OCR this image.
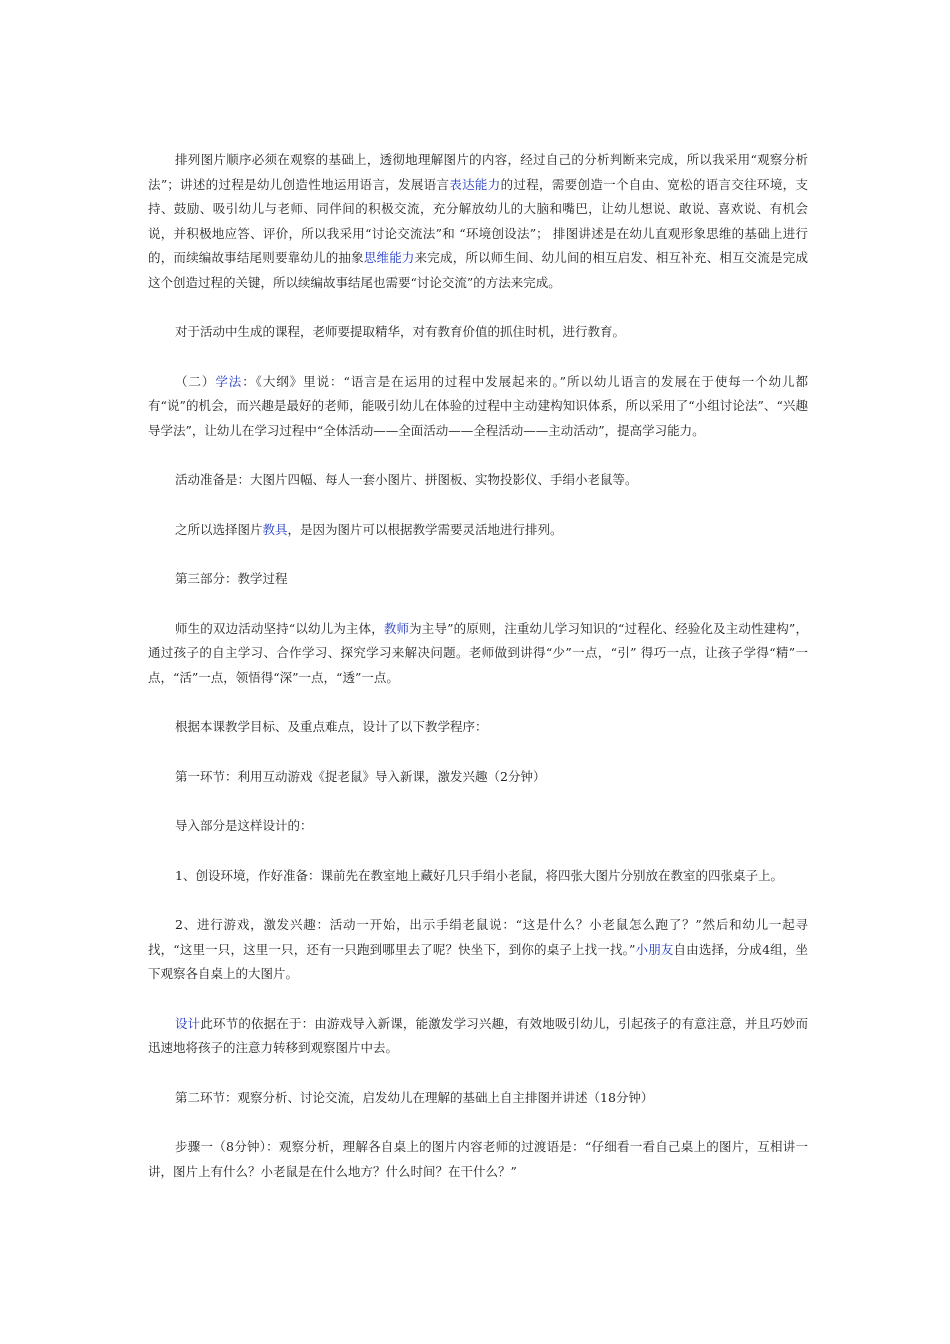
排列图片顺序必须在观察的基础上，透彻地理解图片的内容，经过自己的分析判断来完成，所以我采用“观察分析法”；讲述的过程是幼儿创造性地运用语言，发展语言表达能力的过程，需要创造一个自由、宽松的语言交往环境，支持、鼓励、吸引幼儿与老师、同伴间的积极交流，充分解放幼儿的大脑和嘴巴，让幼儿想说、敢说、喜欢说、有机会说，并积极地应答、评价，所以我采用“讨论交流法”和 “环境创设法”； 排图讲述是在幼儿直观形象思维的基础上进行的，而续编故事结尾则要靠幼儿的抽象思维能力来完成，所以师生间、幼儿间的相互启发、相互补充、相互交流是完成这个创造过程的关键，所以续编故事结尾也需要“讨论交流”的方法来完成。

对于活动中生成的课程，老师要提取精华，对有教育价值的抓住时机，进行教育。

（二）学法：《大纲》里说：“语言是在运用的过程中发展起来的。”所以幼儿语言的发展在于使每一个幼儿都有“说”的机会，而兴趣是最好的老师，能吸引幼儿在体验的过程中主动建构知识体系，所以采用了“小组讨论法”、“兴趣导学法”，让幼儿在学习过程中“全体活动——全面活动——全程活动——主动活动”，提高学习能力。

活动准备是：大图片四幅、每人一套小图片、拼图板、实物投影仪、手绢小老鼠等。

之所以选择图片教具，是因为图片可以根据教学需要灵活地进行排列。

第三部分：教学过程

师生的双边活动坚持“以幼儿为主体，教师为主导”的原则，注重幼儿学习知识的“过程化、经验化及主动性建构”，通过孩子的自主学习、合作学习、探究学习来解决问题。老师做到讲得“少”一点，“引” 得巧一点，让孩子学得“精”一点，“活”一点，领悟得“深”一点，“透”一点。

根据本课教学目标、及重点难点，设计了以下教学程序：

第一环节：利用互动游戏《捉老鼠》导入新课，激发兴趣（2分钟）

导入部分是这样设计的：

1、创设环境，作好准备：课前先在教室地上藏好几只手绢小老鼠，将四张大图片分别放在教室的四张桌子上。

2、进行游戏，激发兴趣：活动一开始，出示手绢老鼠说：“这是什么？小老鼠怎么跑了？”然后和幼儿一起寻找，“这里一只，这里一只，还有一只跑到哪里去了呢？快坐下，到你的桌子上找一找。”小朋友自由选择，分成4组，坐下观察各自桌上的大图片。

设计此环节的依据在于：由游戏导入新课，能激发学习兴趣，有效地吸引幼儿，引起孩子的有意注意，并且巧妙而迅速地将孩子的注意力转移到观察图片中去。

第二环节：观察分析、讨论交流，启发幼儿在理解的基础上自主排图并讲述（18分钟）

步骤一（8分钟）：观察分析，理解各自桌上的图片内容老师的过渡语是：“仔细看一看自己桌上的图片，互相讲一讲，图片上有什么？小老鼠是在什么地方？什么时间？在干什么？”
